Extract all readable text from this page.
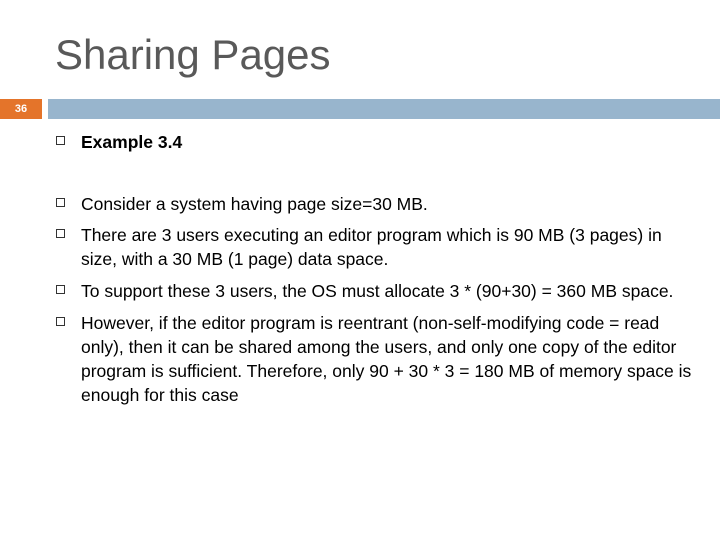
Sharing Pages
36
Example 3.4
Consider a system having page size=30 MB.
There are 3 users executing an editor program which is 90 MB (3 pages) in size, with a 30 MB (1 page) data space.
To support these 3 users, the OS must allocate 3 * (90+30) = 360 MB space.
However, if the editor program is reentrant (non-self-modifying code = read only), then it can be shared among the users, and only one copy of the editor program is sufficient. Therefore, only 90 + 30 * 3 = 180 MB of memory space is enough for this case
